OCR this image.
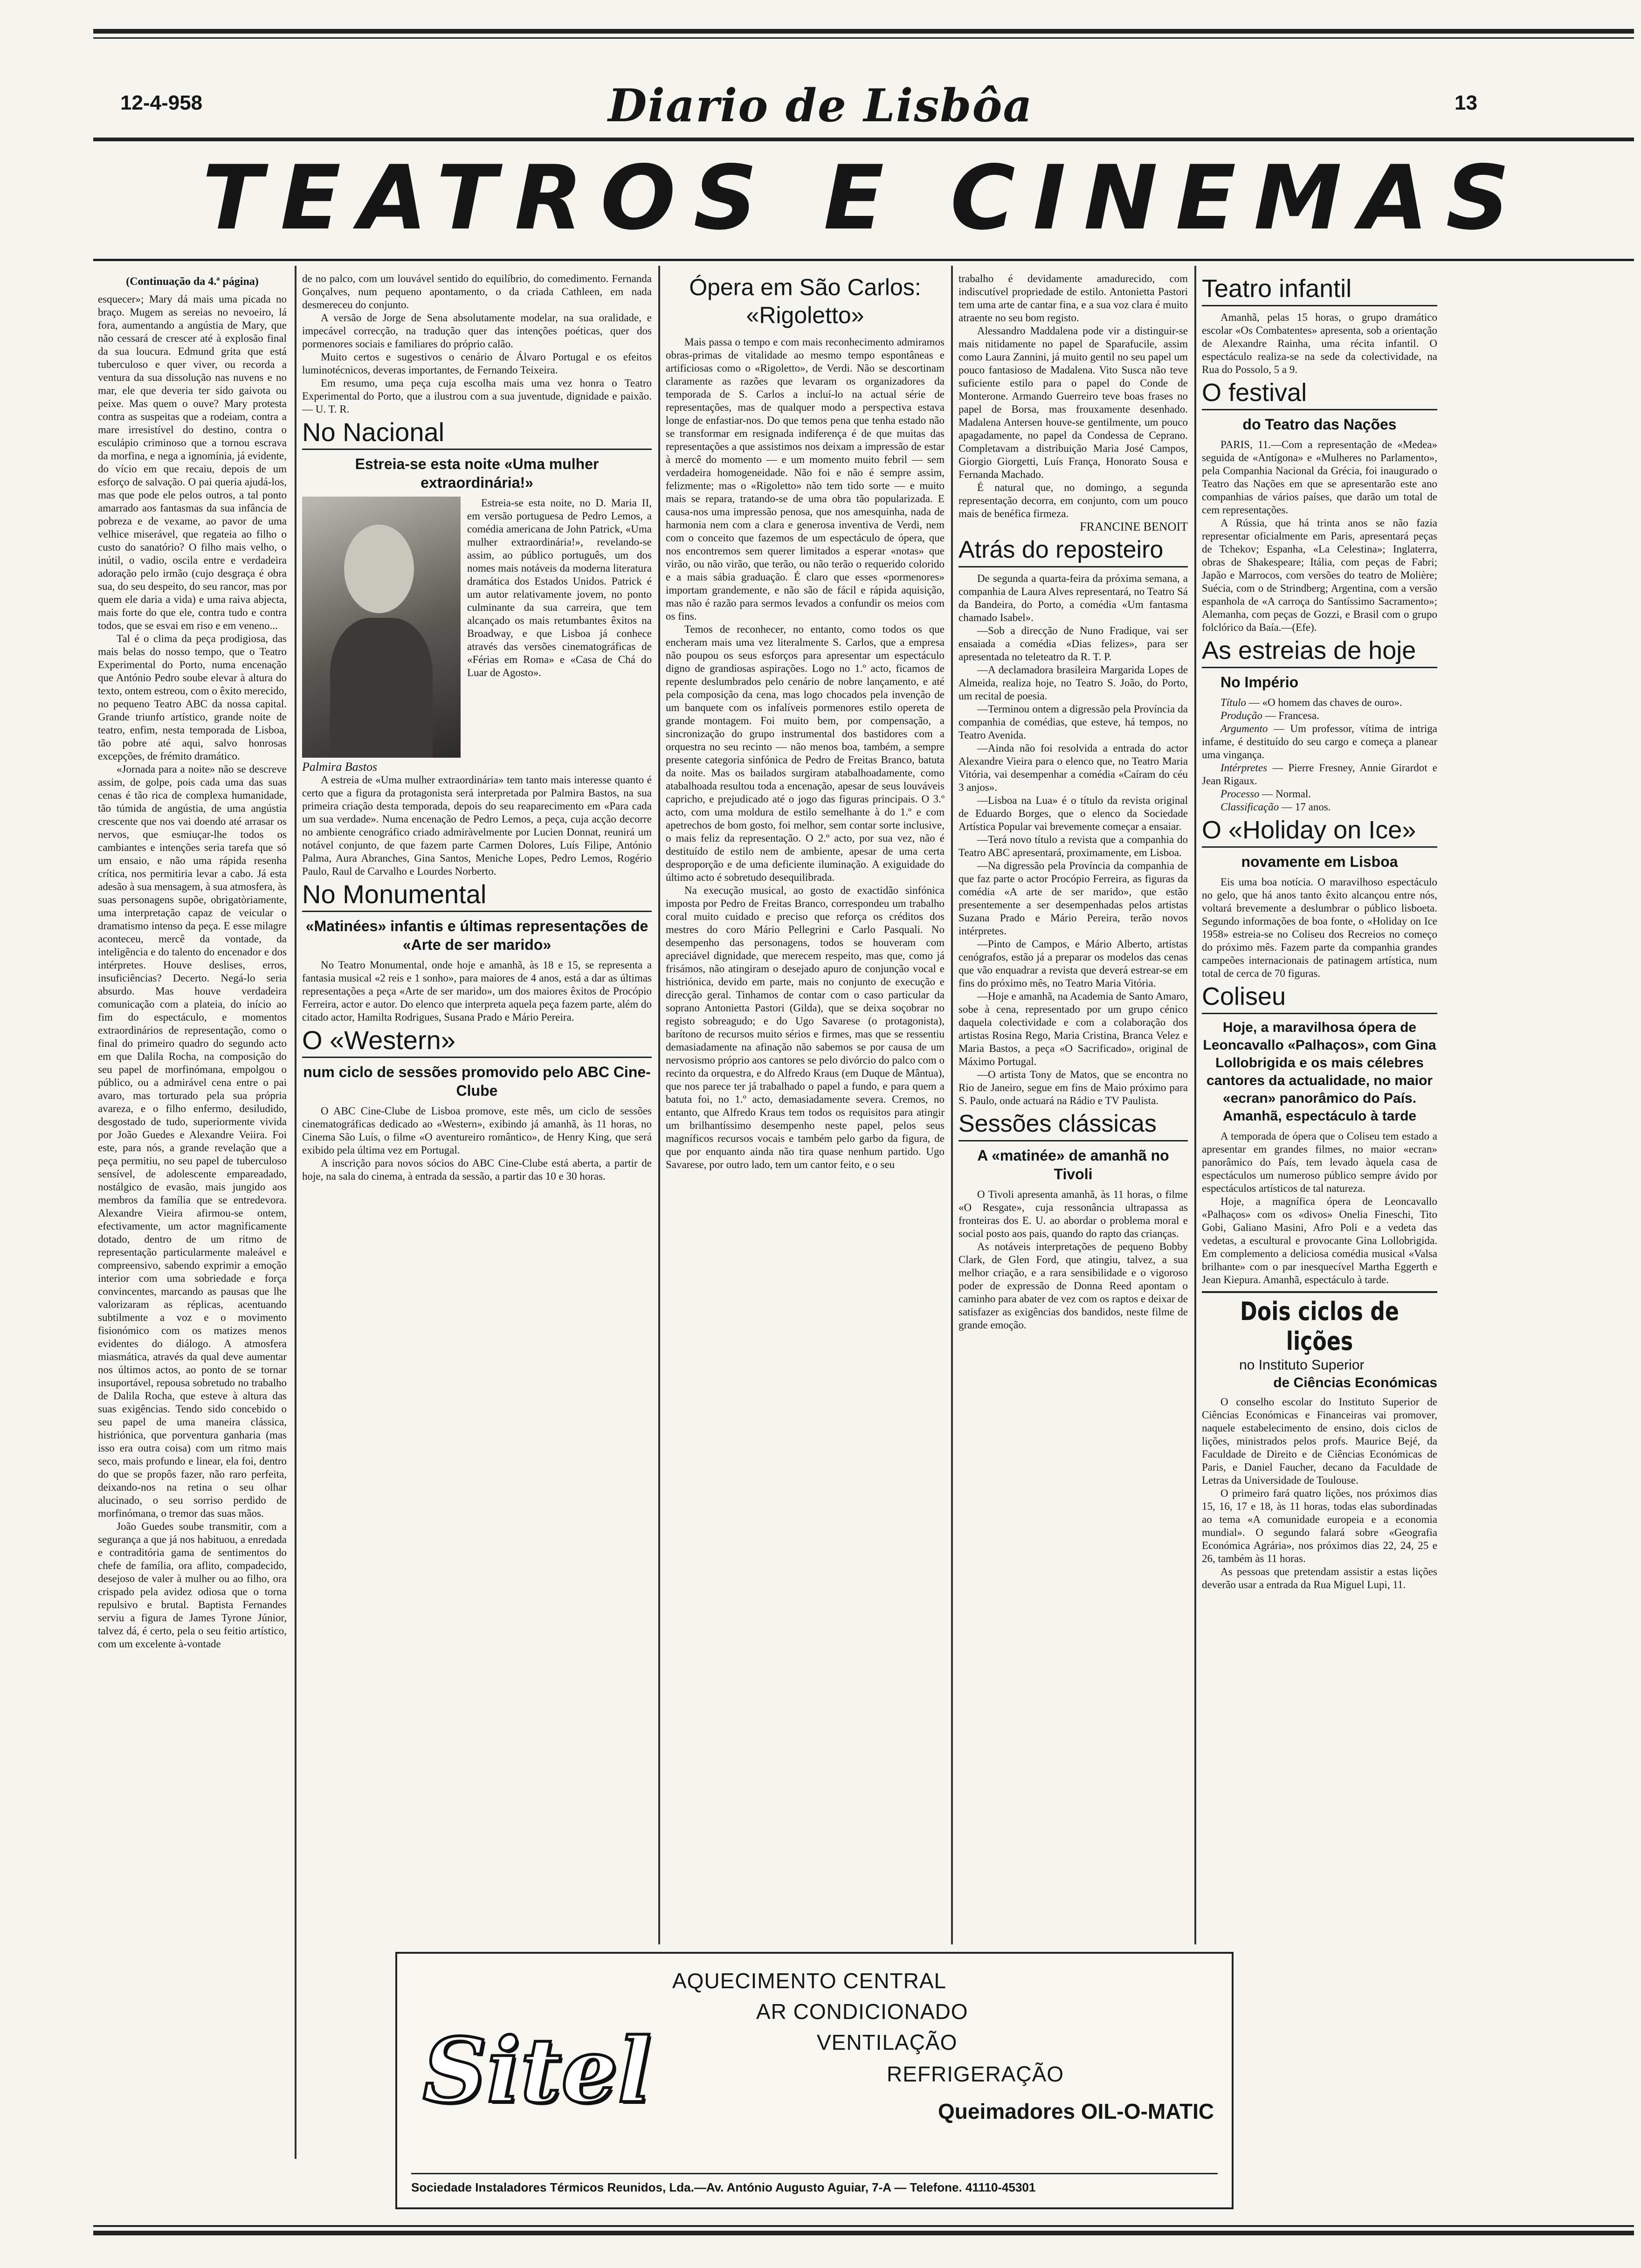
12-4-958	Diario de Lisbôa	13
TEATROS E CINEMAS

(Continuação da 4.ª página)

esquecer»; Mary dá mais uma picada no braço. Mugem as sereias no nevoeiro, lá fora, aumentando a angústia de Mary, que não cessará de crescer até à explosão final da sua loucura. Edmund grita que está tuberculoso e quer viver, ou recorda a ventura da sua dissolução nas nuvens e no mar, ele que deveria ter sido gaivota ou peixe. Mas quem o ouve? Mary protesta contra as suspeitas que a rodeiam, contra a mare irresistível do destino, contra o esculápio criminoso que a tornou escrava da morfina, e nega a ignomínia, já evidente, do vício em que recaiu, depois de um esforço de salvação. O pai queria ajudá-los, mas que pode ele pelos outros, a tal ponto amarrado aos fantasmas da sua infância de pobreza e de vexame, ao pavor de uma velhice miserável, que regateia ao filho o custo do sanatório? O filho mais velho, o inútil, o vadio, oscila entre e verdadeira adoração pelo irmão (cujo desgraça é obra sua, do seu despeito, do seu rancor, mas por quem ele daria a vida) e uma raiva abjecta, mais forte do que ele, contra tudo e contra todos, que se esvai em riso e em veneno...

Tal é o clima da peça prodigiosa, das mais belas do nosso tempo, que o Teatro Experimental do Porto, numa encenação que António Pedro soube elevar à altura do texto, ontem estreou, com o êxito merecido, no pequeno Teatro ABC da nossa capital. Grande triunfo artístico, grande noite de teatro, enfim, nesta temporada de Lisboa, tão pobre até aqui, salvo honrosas excepções, de frémito dramático.

«Jornada para a noite» não se descreve assim, de golpe, pois cada uma das suas cenas é tão rica de complexa humanidade, tão túmida de angústia, de uma angústia crescente que nos vai doendo até arrasar os nervos, que esmiuçar-lhe todos os cambiantes e intenções seria tarefa que só um ensaio, e não uma rápida resenha crítica, nos permitiria levar a cabo. Já esta adesão à sua mensagem, à sua atmosfera, às suas personagens supõe, obrigatòriamente, uma interpretação capaz de veicular o dramatismo intenso da peça. E esse milagre aconteceu, mercê da vontade, da inteligência e do talento do encenador e dos intérpretes. Houve deslises, erros, insuficiências? Decerto. Negá-lo seria absurdo. Mas houve verdadeira comunicação com a plateia, do início ao fim do espectáculo, e momentos extraordinários de representação, como o final do primeiro quadro do segundo acto em que Dalila Rocha, na composição do seu papel de morfinómana, empolgou o público, ou a admirável cena entre o pai avaro, mas torturado pela sua própria avareza, e o filho enfermo, desiludido, desgostado de tudo, superiormente vivida por João Guedes e Alexandre Veiira. Foi este, para nós, a grande revelação que a peça permitiu, no seu papel de tuberculoso sensível, de adolescente empareadado, nostálgico de evasão, mais jungido aos membros da família que se entredevora. Alexandre Vieira afirmou-se ontem, efectivamente, um actor magnìficamente dotado, dentro de um ritmo de representação particularmente maleável e compreensivo, sabendo exprimir a emoção interior com uma sobriedade e força convincentes, marcando as pausas que lhe valorizaram as réplicas, acentuando subtilmente a voz e o movimento fisionómico com os matizes menos evidentes do diálogo. A atmosfera miasmática, através da qual deve aumentar nos últimos actos, ao ponto de se tornar insuportável, repousa sobretudo no trabalho de Dalila Rocha, que esteve à altura das suas exigências. Tendo sido concebido o seu papel de uma maneira clássica, histriónica, que porventura ganharia (mas isso era outra coisa) com um ritmo mais seco, mais profundo e linear, ela foi, dentro do que se propôs fazer, não raro perfeita, deixando-nos na retina o seu olhar alucinado, o seu sorriso perdido de morfinómana, o tremor das suas mãos.

João Guedes soube transmitir, com a segurança a que já nos habituou, a enredada e contraditória gama de sentimentos do chefe de família, ora aflito, compadecido, desejoso de valer à mulher ou ao filho, ora crispado pela avidez odiosa que o torna repulsivo e brutal. Baptista Fernandes serviu a figura de James Tyrone Júnior, talvez dá, é certo, pela o seu feitio artístico, com um excelente à-vontade

de no palco, com um louvável sentido do equilíbrio, do comedimento. Fernanda Gonçalves, num pequeno apontamento, o da criada Cathleen, em nada desmereceu do conjunto.

A versão de Jorge de Sena absolutamente modelar, na sua oralidade, e impecável correcção, na tradução quer das intenções poéticas, quer dos pormenores sociais e familiares do próprio calão.

Muito certos e sugestivos o cenário de Álvaro Portugal e os efeitos luminotécnicos, deveras importantes, de Fernando Teixeira.

Em resumo, uma peça cuja escolha mais uma vez honra o Teatro Experimental do Porto, que a ilustrou com a sua juventude, dignidade e paixão. — U. T. R.

No Nacional
Estreia-se esta noite «Uma mulher extraordinária!»
Palmira Bastos

Estreia-se esta noite, no D. Maria II, em versão portuguesa de Pedro Lemos, a comédia americana de John Patrick, «Uma mulher extraordinária!», revelando-se assim, ao público português, um dos nomes mais notáveis da moderna literatura dramática dos Estados Unidos. Patrick é um autor relativamente jovem, no ponto culminante da sua carreira, que tem alcançado os mais retumbantes êxitos na Broadway, e que Lisboa já conhece através das versões cinematográficas de «Férias em Roma» e «Casa de Chá do Luar de Agosto».

A estreia de «Uma mulher extraordinária» tem tanto mais interesse quanto é certo que a figura da protagonista será interpretada por Palmira Bastos, na sua primeira criação desta temporada, depois do seu reaparecimento em «Para cada um sua verdade». Numa encenação de Pedro Lemos, a peça, cuja acção decorre no ambiente cenográfico criado admiràvelmente por Lucien Donnat, reunirá um notável conjunto, de que fazem parte Carmen Dolores, Luís Filipe, António Palma, Aura Abranches, Gina Santos, Meniche Lopes, Pedro Lemos, Rogério Paulo, Raul de Carvalho e Lourdes Norberto.

No Monumental
«Matinées» infantis e últimas representações de «Arte de ser marido»

No Teatro Monumental, onde hoje e amanhã, às 18 e 15, se representa a fantasia musical «2 reis e 1 sonho», para maiores de 4 anos, está a dar as últimas representações a peça «Arte de ser marido», um dos maiores êxitos de Procópio Ferreira, actor e autor. Do elenco que interpreta aquela peça fazem parte, além do citado actor, Hamilta Rodrigues, Susana Prado e Mário Pereira.

O «Western»
num ciclo de sessões promovido pelo ABC Cine-Clube

O ABC Cine-Clube de Lisboa promove, este mês, um ciclo de sessões cinematográficas dedicado ao «Western», exibindo já amanhã, às 11 horas, no Cinema São Luís, o filme «O aventureiro romântico», de Henry King, que será exibido pela última vez em Portugal.

A inscrição para novos sócios do ABC Cine-Clube está aberta, a partir de hoje, na sala do cinema, à entrada da sessão, a partir das 10 e 30 horas.

Ópera em São Carlos: «Rigoletto»

Mais passa o tempo e com mais reconhecimento admiramos obras-primas de vitalidade ao mesmo tempo espontâneas e artificiosas como o «Rigoletto», de Verdi. Não se descortinam claramente as razões que levaram os organizadores da temporada de S. Carlos a incluí-lo na actual série de representações, mas de qualquer modo a perspectiva estava longe de enfastiar-nos. Do que temos pena que tenha estado não se transformar em resignada indiferença é de que muitas das representações a que assistimos nos deixam a impressão de estar à mercê do momento — e um momento muito febril — sem verdadeira homogeneidade. Não foi e não é sempre assim, felizmente; mas o «Rigoletto» não tem tido sorte — e muito mais se repara, tratando-se de uma obra tão popularizada. E causa-nos uma impressão penosa, que nos amesquinha, nada de harmonia nem com a clara e generosa inventiva de Verdi, nem com o conceito que fazemos de um espectáculo de ópera, que nos encontremos sem querer limitados a esperar «notas» que virão, ou não virão, que terão, ou não terão o requerido colorido e a mais sábia graduação. É claro que esses «pormenores» importam grandemente, e não são de fácil e rápida aquisição, mas não é razão para sermos levados a confundir os meios com os fins.

Temos de reconhecer, no entanto, como todos os que encheram mais uma vez literalmente S. Carlos, que a empresa não poupou os seus esforços para apresentar um espectáculo digno de grandiosas aspirações. Logo no 1.º acto, ficamos de repente deslumbrados pelo cenário de nobre lançamento, e até pela composição da cena, mas logo chocados pela invenção de um banquete com os infalíveis pormenores estilo opereta de grande montagem. Foi muito bem, por compensação, a sincronização do grupo instrumental dos bastidores com a orquestra no seu recinto — não menos boa, também, a sempre presente categoria sinfónica de Pedro de Freitas Branco, batuta da noite. Mas os bailados surgiram atabalhoadamente, como atabalhoada resultou toda a encenação, apesar de seus louváveis capricho, e prejudicado até o jogo das figuras principais. O 3.º acto, com uma moldura de estilo semelhante à do 1.º e com apetrechos de bom gosto, foi melhor, sem contar sorte inclusive, o mais feliz da representação. O 2.º acto, por sua vez, não é destituído de estilo nem de ambiente, apesar de uma certa desproporção e de uma deficiente iluminação. A exiguidade do último acto é sobretudo desequilibrada.

Na execução musical, ao gosto de exactidão sinfónica imposta por Pedro de Freitas Branco, correspondeu um trabalho coral muito cuidado e preciso que reforça os créditos dos mestres do coro Mário Pellegrini e Carlo Pasquali. No desempenho das personagens, todos se houveram com apreciável dignidade, que merecem respeito, mas que, como já frisámos, não atingiram o desejado apuro de conjunção vocal e histriónica, devido em parte, mais no conjunto de execução e direcção geral. Tinhamos de contar com o caso particular da soprano Antonietta Pastori (Gilda), que se deixa soçobrar no registo sobreagudo; e do Ugo Savarese (o protagonista), barítono de recursos muito sérios e firmes, mas que se ressentiu demasiadamente na afinação não sabemos se por causa de um nervosismo próprio aos cantores se pelo divórcio do palco com o recinto da orquestra, e do Alfredo Kraus (em Duque de Mântua), que nos parece ter já trabalhado o papel a fundo, e para quem a batuta foi, no 1.º acto, demasiadamente severa. Cremos, no entanto, que Alfredo Kraus tem todos os requisitos para atingir um brilhantíssimo desempenho neste papel, pelos seus magníficos recursos vocais e também pelo garbo da figura, de que por enquanto ainda não tira quase nenhum partido. Ugo Savarese, por outro lado, tem um cantor feito, e o seu

trabalho é devidamente amadurecido, com indiscutível propriedade de estilo. Antonietta Pastori tem uma arte de cantar fina, e a sua voz clara é muito atraente no seu bom registo.

Alessandro Maddalena pode vir a distinguir-se mais nitidamente no papel de Sparafucile, assim como Laura Zannini, já muito gentil no seu papel um pouco fantasioso de Madalena. Vito Susca não teve suficiente estilo para o papel do Conde de Monterone. Armando Guerreiro teve boas frases no papel de Borsa, mas frouxamente desenhado. Madalena Antersen houve-se gentilmente, um pouco apagadamente, no papel da Condessa de Ceprano. Completavam a distribuição Maria José Campos, Giorgio Giorgetti, Luís França, Honorato Sousa e Fernanda Machado.

É natural que, no domingo, a segunda representação decorra, em conjunto, com um pouco mais de benéfica firmeza.

FRANCINE BENOIT

Atrás do reposteiro

De segunda a quarta-feira da próxima semana, a companhia de Laura Alves representará, no Teatro Sá da Bandeira, do Porto, a comédia «Um fantasma chamado Isabel».

—Sob a direcção de Nuno Fradique, vai ser ensaiada a comédia «Dias felizes», para ser apresentada no teleteatro da R. T. P.

—A declamadora brasileira Margarida Lopes de Almeida, realiza hoje, no Teatro S. João, do Porto, um recital de poesia.

—Terminou ontem a digressão pela Província da companhia de comédias, que esteve, há tempos, no Teatro Avenida.

—Ainda não foi resolvida a entrada do actor Alexandre Vieira para o elenco que, no Teatro Maria Vitória, vai desempenhar a comédia «Caíram do céu 3 anjos».

—Lisboa na Lua» é o título da revista original de Eduardo Borges, que o elenco da Sociedade Artística Popular vai brevemente começar a ensaiar.

—Terá novo título a revista que a companhia do Teatro ABC apresentará, proximamente, em Lisboa.

—Na digressão pela Província da companhia de que faz parte o actor Procópio Ferreira, as figuras da comédia «A arte de ser marido», que estão presentemente a ser desempenhadas pelos artistas Suzana Prado e Mário Pereira, terão novos intérpretes.

—Pinto de Campos, e Mário Alberto, artistas cenógrafos, estão já a preparar os modelos das cenas que vão enquadrar a revista que deverá estrear-se em fins do próximo mês, no Teatro Maria Vitória.

—Hoje e amanhã, na Academia de Santo Amaro, sobe à cena, representado por um grupo cénico daquela colectividade e com a colaboração dos artistas Rosina Rego, Maria Cristina, Branca Velez e Maria Bastos, a peça «O Sacrificado», original de Máximo Portugal.

—O artista Tony de Matos, que se encontra no Rio de Janeiro, segue em fins de Maio próximo para S. Paulo, onde actuará na Rádio e TV Paulista.

Sessões clássicas
A «matinée» de amanhã no Tivoli

O Tivoli apresenta amanhã, às 11 horas, o filme «O Resgate», cuja ressonância ultrapassa as fronteiras dos E. U. ao abordar o problema moral e social posto aos pais, quando do rapto das crianças.

As notáveis interpretações de pequeno Bobby Clark, de Glen Ford, que atingiu, talvez, a sua melhor criação, e a rara sensibilidade e o vigoroso poder de expressão de Donna Reed apontam o caminho para abater de vez com os raptos e deixar de satisfazer as exigências dos bandidos, neste filme de grande emoção.

Teatro infantil

Amanhã, pelas 15 horas, o grupo dramático escolar «Os Combatentes» apresenta, sob a orientação de Alexandre Rainha, uma récita infantil. O espectáculo realiza-se na sede da colectividade, na Rua do Possolo, 5 a 9.

O festival
do Teatro das Nações

PARIS, 11.—Com a representação de «Medea» seguida de «Antígona» e «Mulheres no Parlamento», pela Companhia Nacional da Grécia, foi inaugurado o Teatro das Nações em que se apresentarão este ano companhias de vários países, que darão um total de cem representações.

A Rússia, que há trinta anos se não fazia representar oficialmente em Paris, apresentará peças de Tchekov; Espanha, «La Celestina»; Inglaterra, obras de Shakespeare; Itália, com peças de Fabri; Japão e Marrocos, com versões do teatro de Molière; Suécia, com o de Strindberg; Argentina, com a versão espanhola de «A carroça do Santíssimo Sacramento»; Alemanha, com peças de Gozzi, e Brasil com o grupo folclórico da Baía.—(Efe).

As estreias de hoje
No Império

Título — «O homem das chaves de ouro».

Produção — Francesa.

Argumento — Um professor, vítima de intriga infame, é destituído do seu cargo e começa a planear uma vingança.

Intérpretes — Pierre Fresney, Annie Girardot e Jean Rigaux.

Processo — Normal.

Classificação — 17 anos.

O «Holiday on Ice»
novamente em Lisboa

Eis uma boa notícia. O maravilhoso espectáculo no gelo, que há anos tanto êxito alcançou entre nós, voltará brevemente a deslumbrar o público lisboeta. Segundo informações de boa fonte, o «Holiday on Ice 1958» estreia-se no Coliseu dos Recreios no começo do próximo mês. Fazem parte da companhia grandes campeões internacionais de patinagem artística, num total de cerca de 70 figuras.

Coliseu
Hoje, a maravilhosa ópera de Leoncavallo «Palhaços», com Gina Lollobrigida e os mais célebres cantores da actualidade, no maior «ecran» panorâmico do País. Amanhã, espectáculo à tarde

A temporada de ópera que o Coliseu tem estado a apresentar em grandes filmes, no maior «ecran» panorâmico do País, tem levado àquela casa de espectáculos um numeroso público sempre ávido por espectáculos artísticos de tal natureza.

Hoje, a magnífica ópera de Leoncavallo «Palhaços» com os «divos» Onelia Fineschi, Tito Gobi, Galiano Masini, Afro Poli e a vedeta das vedetas, a escultural e provocante Gina Lollobrigida. Em complemento a deliciosa comédia musical «Valsa brilhante» com o par inesquecível Martha Eggerth e Jean Kiepura. Amanhã, espectáculo à tarde.

Dois ciclos de lições
no Instituto Superior
de Ciências Económicas

O conselho escolar do Instituto Superior de Ciências Económicas e Financeiras vai promover, naquele estabelecimento de ensino, dois ciclos de lições, ministrados pelos profs. Maurice Bejé, da Faculdade de Direito e de Ciências Económicas de Paris, e Daniel Faucher, decano da Faculdade de Letras da Universidade de Toulouse.

O primeiro fará quatro lições, nos próximos dias 15, 16, 17 e 18, às 11 horas, todas elas subordinadas ao tema «A comunidade europeia e a economia mundial». O segundo falará sobre «Geografia Económica Agrária», nos próximos dias 22, 24, 25 e 26, também às 11 horas.

As pessoas que pretendam assistir a estas lições deverão usar a entrada da Rua Miguel Lupi, 11.

Sitel
AQUECIMENTO CENTRAL
AR CONDICIONADO
VENTILAÇÃO
REFRIGERAÇÃO
Queimadores OIL-O-MATIC
Sociedade Instaladores Térmicos Reunidos, Lda.—Av. António Augusto Aguiar, 7-A — Telefone. 41110-45301
